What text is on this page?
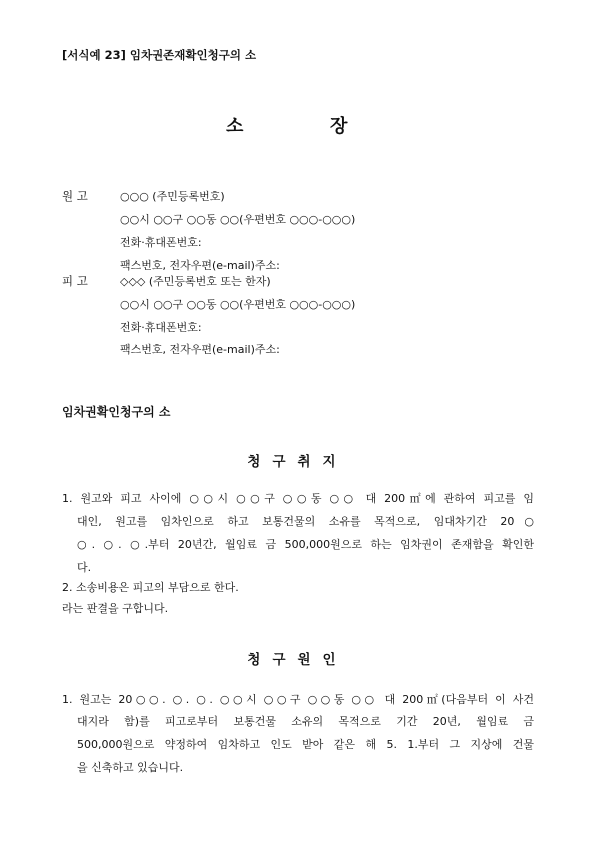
[서식예 23] 임차권존재확인청구의 소
소	장
원 고	○○○ (주민등록번호)
○○시 ○○구 ○○동 ○○(우편번호 ○○○-○○○)
전화‧휴대폰번호:
팩스번호, 전자우편(e-mail)주소:
피 고	◇◇◇ (주민등록번호 또는 한자)
○○시 ○○구 ○○동 ○○(우편번호 ○○○-○○○)
전화‧휴대폰번호:
팩스번호, 전자우편(e-mail)주소:
임차권확인청구의 소
청구취지
1. 원고와 피고 사이에 ○○시 ○○구 ○○동 ○○ 대 200㎡에 관하여 피고를 임
대인, 원고를 임차인으로 하고 보통건물의 소유를 목적으로, 임대차기간 20○
○. ○. ○.부터 20년간, 월임료 금 500,000원으로 하는 임차권이 존재함을 확인한
다.
2. 소송비용은 피고의 부담으로 한다.
라는 판결을 구합니다.
청구원인
1. 원고는 20○○. ○. ○. ○○시 ○○구 ○○동 ○○ 대 200㎡(다음부터 이 사건
대지라 함)를 피고로부터 보통건물 소유의 목적으로 기간 20년, 월임료 금
500,000원으로 약정하여 임차하고 인도 받아 같은 해 5. 1.부터 그 지상에 건물
을 신축하고 있습니다.
